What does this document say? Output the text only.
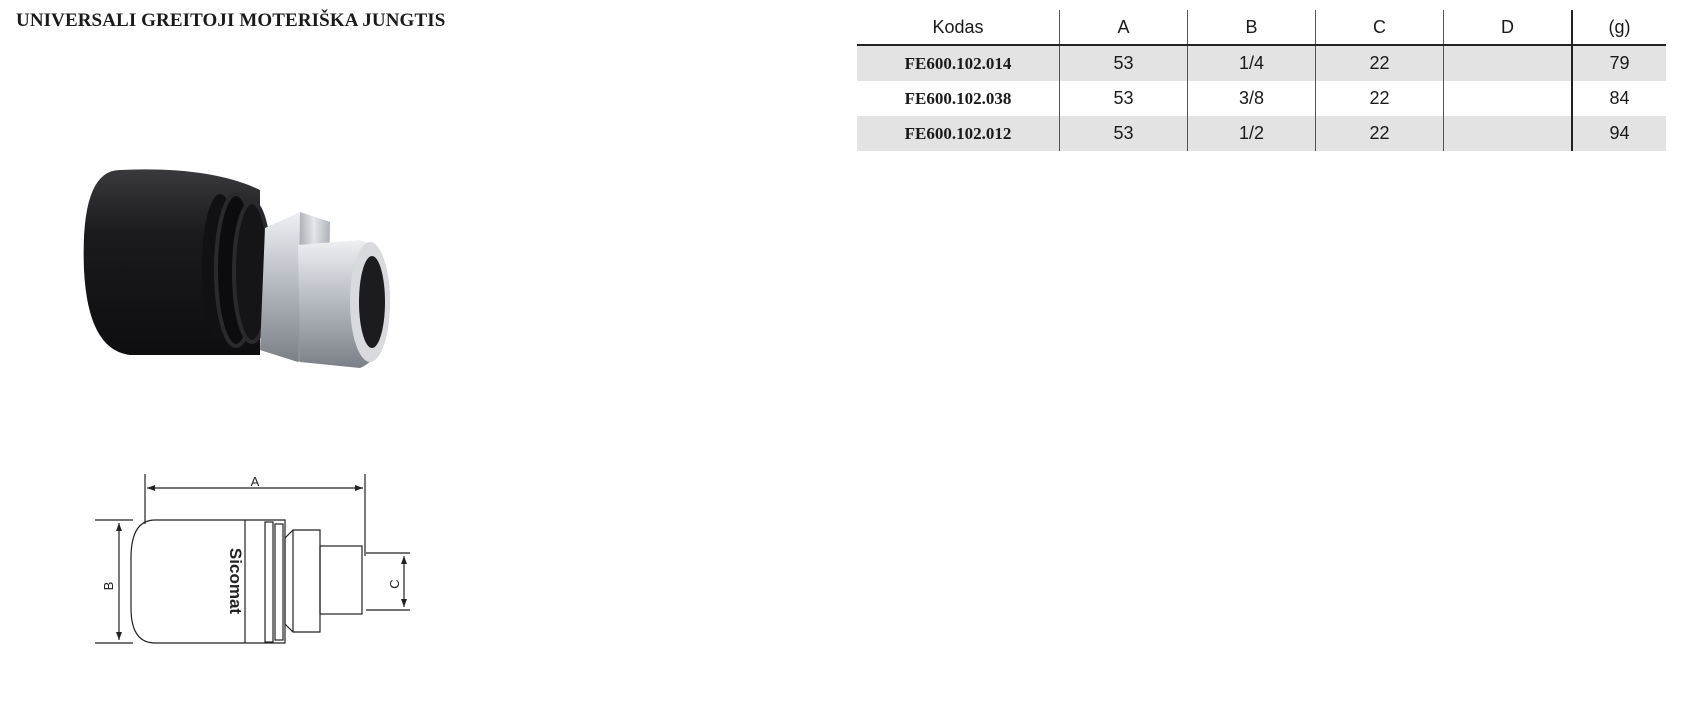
UNIVERSALI GREITOJI MOTERIŠKA JUNGTIS
A
B	C
Sicomat
Kodas	A	B	C	D	(g)
FE600.102.014	53	1/4	22		79
FE600.102.038	53	3/8	22		84
FE600.102.012	53	1/2	22		94
